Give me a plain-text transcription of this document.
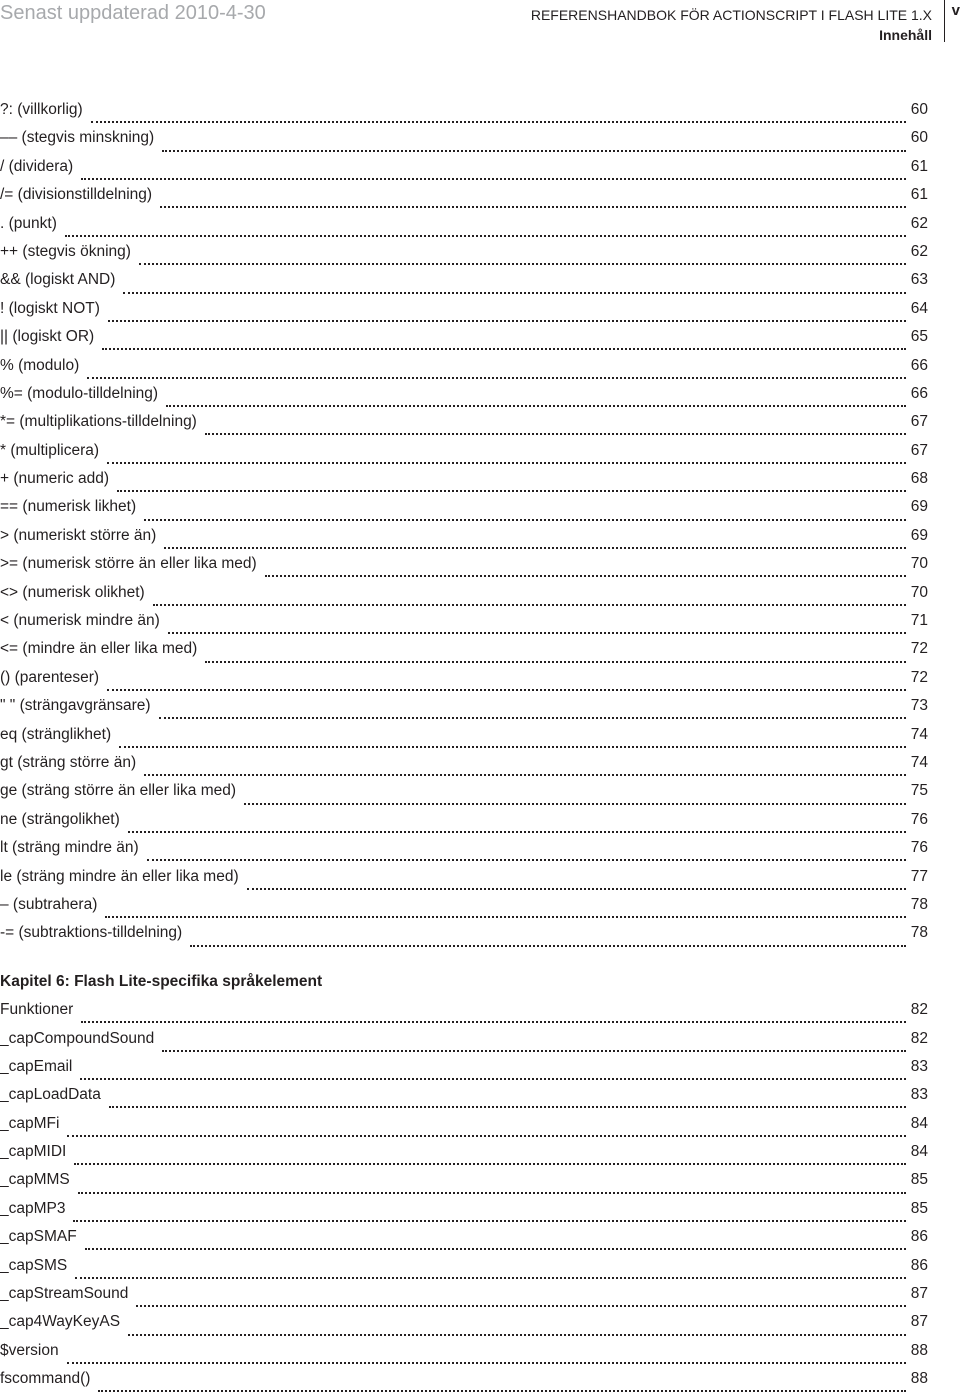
Senast uppdaterad 2010-4-30	REFERENSHANDBOK FÖR ACTIONSCRIPT I FLASH LITE 1.X
Innehåll
v
?: (villkorlig)	60
–– (stegvis minskning)	60
/ (dividera)	61
/= (divisionstilldelning)	61
. (punkt)	62
++ (stegvis ökning)	62
&& (logiskt AND)	63
! (logiskt NOT)	64
|| (logiskt OR)	65
% (modulo)	66
%= (modulo-tilldelning)	66
*= (multiplikations-tilldelning)	67
* (multiplicera)	67
+ (numeric add)	68
== (numerisk likhet)	69
> (numeriskt större än)	69
>= (numerisk större än eller lika med)	70
<> (numerisk olikhet)	70
< (numerisk mindre än)	71
<= (mindre än eller lika med)	72
() (parenteser)	72
" " (strängavgränsare)	73
eq (stränglikhet)	74
gt (sträng större än)	74
ge (sträng större än eller lika med)	75
ne (strängolikhet)	76
lt (sträng mindre än)	76
le (sträng mindre än eller lika med)	77
– (subtrahera)	78
-= (subtraktions-tilldelning)	78
Kapitel 6: Flash Lite-specifika språkelement
Funktioner	82
_capCompoundSound	82
_capEmail	83
_capLoadData	83
_capMFi	84
_capMIDI	84
_capMMS	85
_capMP3	85
_capSMAF	86
_capSMS	86
_capStreamSound	87
_cap4WayKeyAS	87
$version	88
fscommand()	88
